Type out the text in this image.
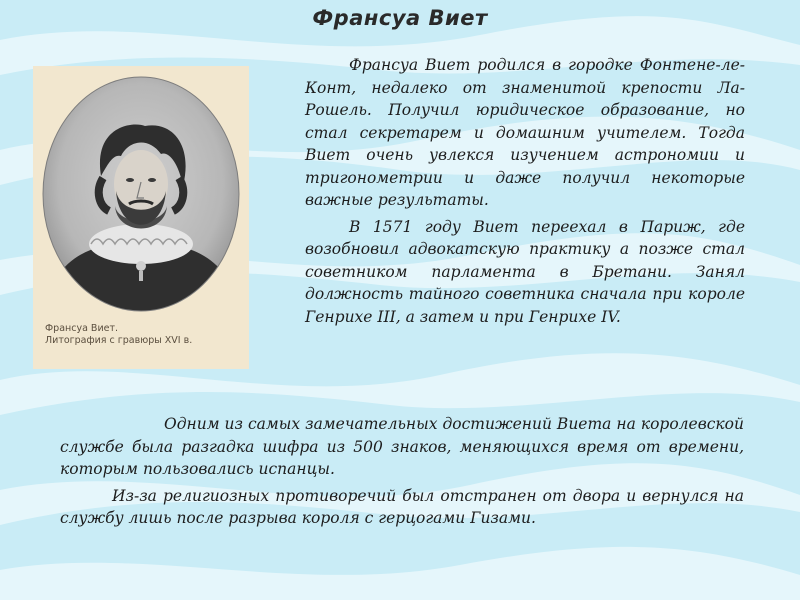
Франсуа Виет
Франсуа Виет.
Литография с гравюры XVI в.

Франсуа Виет родился в городке Фонтене-ле-Конт, недалеко от знаменитой крепости Ла- Рошель. Получил юридическое образование, но стал секретарем и домашним учителем. Тогда Виет очень увлекся изучением астрономии и тригонометрии и даже получил некоторые важные результаты.

В 1571 году Виет переехал в Париж, где возобновил адвокатскую практику а позже стал советником парламента в Бретани. Занял должность тайного советника сначала при короле Генрихе III, а затем и при Генрихе IV.

Одним из самых замечательных достижений Виета на королевской службе была разгадка шифра из 500 знаков, меняющихся время от времени, которым пользовались испанцы.

Из-за религиозных противоречий был отстранен от двора и вернулся на службу лишь после разрыва короля с герцогами Гизами.
